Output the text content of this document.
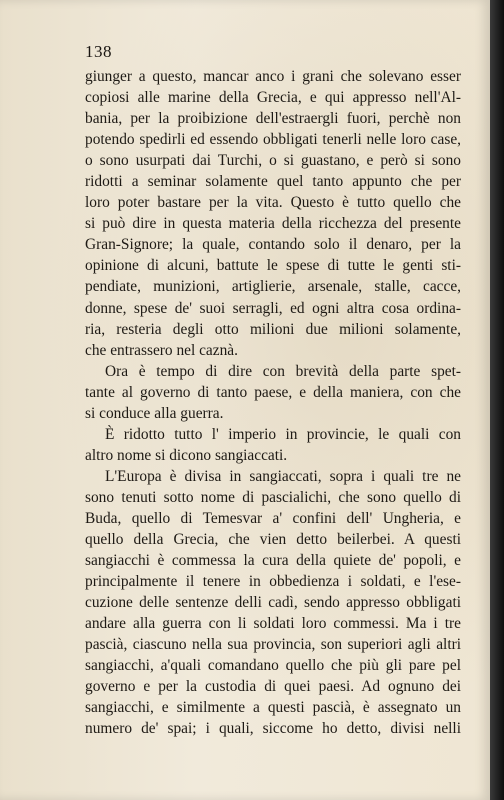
138
giunger a questo, mancar anco i grani che solevano esser
copiosi alle marine della Grecia, e qui appresso nell'Al-
bania, per la proibizione dell'estraergli fuori, perchè non
potendo spedirli ed essendo obbligati tenerli nelle loro case,
o sono usurpati dai Turchi, o si guastano, e però si sono
ridotti a seminar solamente quel tanto appunto che per
loro poter bastare per la vita. Questo è tutto quello che
si può dire in questa materia della ricchezza del presente
Gran-Signore; la quale, contando solo il denaro, per la
opinione di alcuni, battute le spese di tutte le genti sti-
pendiate, munizioni, artiglierie, arsenale, stalle, cacce,
donne, spese de' suoi serragli, ed ogni altra cosa ordina-
ria, resteria degli otto milioni due milioni solamente,
che entrassero nel caznà.
Ora è tempo di dire con brevità della parte spet-
tante al governo di tanto paese, e della maniera, con che
si conduce alla guerra.
È ridotto tutto l' imperio in provincie, le quali con
altro nome si dicono sangiaccati.
L'Europa è divisa in sangiaccati, sopra i quali tre ne
sono tenuti sotto nome di pascialichi, che sono quello di
Buda, quello di Temesvar a' confini dell' Ungheria, e
quello della Grecia, che vien detto beilerbei. A questi
sangiacchi è commessa la cura della quiete de' popoli, e
principalmente il tenere in obbedienza i soldati, e l'ese-
cuzione delle sentenze delli cadì, sendo appresso obbligati
andare alla guerra con li soldati loro commessi. Ma i tre
pascià, ciascuno nella sua provincia, son superiori agli altri
sangiacchi, a'quali comandano quello che più gli pare pel
governo e per la custodia di quei paesi. Ad ognuno dei
sangiacchi, e similmente a questi pascià, è assegnato un
numero de' spai; i quali, siccome ho detto, divisi nelli
